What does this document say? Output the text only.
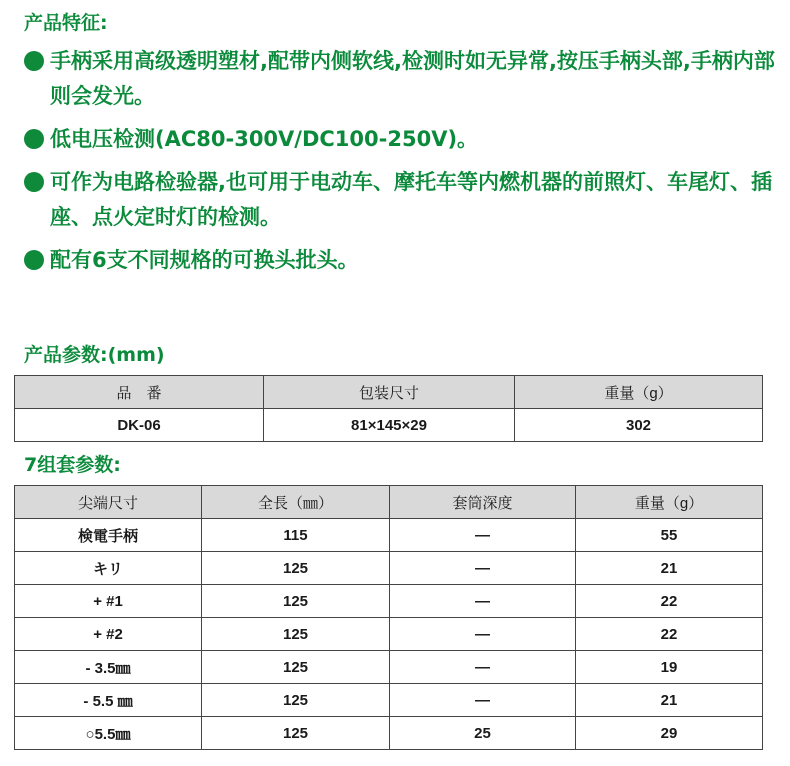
产品特征:
手柄采用高级透明塑材,配带内侧软线,检测时如无异常,按压手柄头部,手柄内部则会发光。
低电压检测(AC80-300V/DC100-250V)。
可作为电路检验器,也可用于电动车、摩托车等内燃机器的前照灯、车尾灯、插座、点火定时灯的检测。
配有6支不同规格的可换头批头。
产品参数:(mm)
品　番	包装尺寸	重量（g）
DK-06	81×145×29	302
7组套参数:
尖端尺寸	全長（㎜）	套筒深度	重量（g）
検電手柄	115	—	55
キリ	125	—	21
+ #1	125	—	22
+ #2	125	—	22
- 3.5㎜	125	—	19
- 5.5 ㎜	125	—	21
○5.5㎜	125	25	29
